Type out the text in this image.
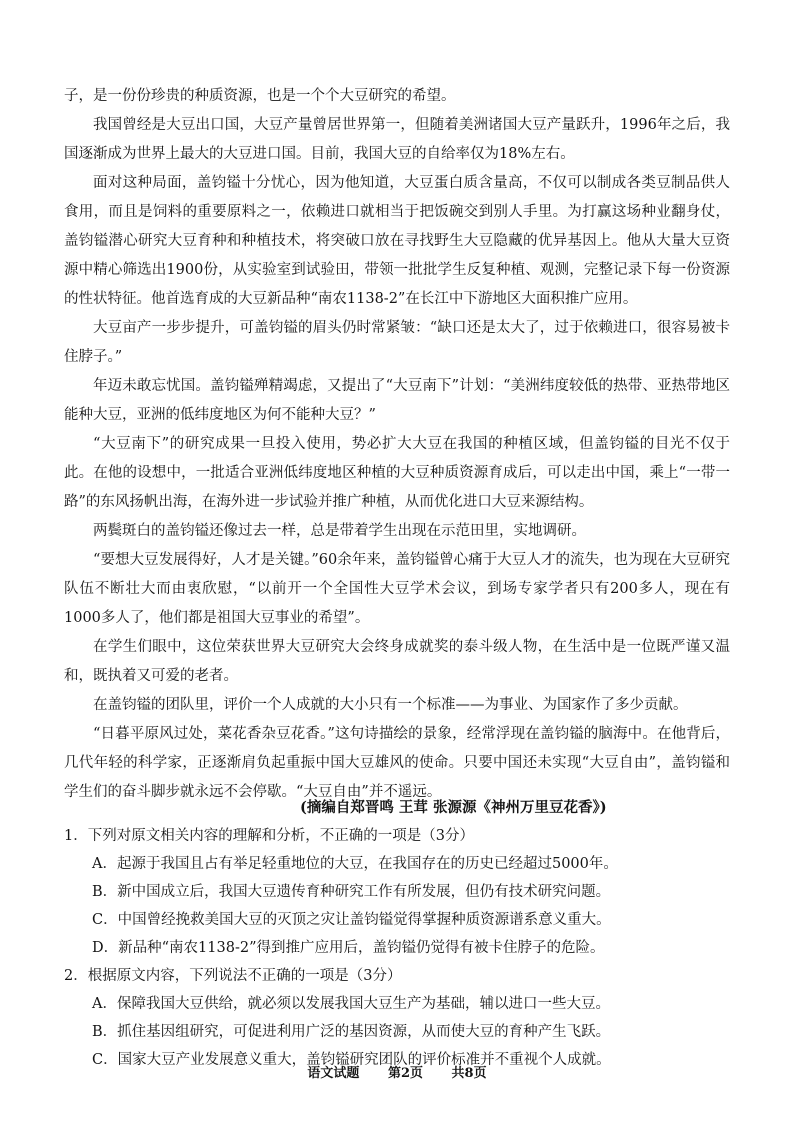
子，是一份份珍贵的种质资源，也是一个个大豆研究的希望。

我国曾经是大豆出口国，大豆产量曾居世界第一，但随着美洲诸国大豆产量跃升，1996年之后，我国逐渐成为世界上最大的大豆进口国。目前，我国大豆的自给率仅为18%左右。

面对这种局面，盖钧镒十分忧心，因为他知道，大豆蛋白质含量高，不仅可以制成各类豆制品供人食用，而且是饲料的重要原料之一，依赖进口就相当于把饭碗交到别人手里。为打赢这场种业翻身仗，盖钧镒潜心研究大豆育种和种植技术，将突破口放在寻找野生大豆隐藏的优异基因上。他从大量大豆资源中精心筛选出1900份，从实验室到试验田，带领一批批学生反复种植、观测，完整记录下每一份资源的性状特征。他首选育成的大豆新品种“南农1138-2”在长江中下游地区大面积推广应用。

大豆亩产一步步提升，可盖钧镒的眉头仍时常紧皱：“缺口还是太大了，过于依赖进口，很容易被卡住脖子。”

年迈未敢忘忧国。盖钧镒殚精竭虑，又提出了“大豆南下”计划：“美洲纬度较低的热带、亚热带地区能种大豆，亚洲的低纬度地区为何不能种大豆？”

“大豆南下”的研究成果一旦投入使用，势必扩大大豆在我国的种植区域，但盖钧镒的目光不仅于此。在他的设想中，一批适合亚洲低纬度地区种植的大豆种质资源育成后，可以走出中国，乘上“一带一路”的东风扬帆出海，在海外进一步试验并推广种植，从而优化进口大豆来源结构。

两鬓斑白的盖钧镒还像过去一样，总是带着学生出现在示范田里，实地调研。

“要想大豆发展得好，人才是关键。”60余年来，盖钧镒曾心痛于大豆人才的流失，也为现在大豆研究队伍不断壮大而由衷欣慰，“以前开一个全国性大豆学术会议，到场专家学者只有200多人，现在有1000多人了，他们都是祖国大豆事业的希望”。

在学生们眼中，这位荣获世界大豆研究大会终身成就奖的泰斗级人物，在生活中是一位既严谨又温和，既执着又可爱的老者。

在盖钧镒的团队里，评价一个人成就的大小只有一个标准——为事业、为国家作了多少贡献。

“日暮平原风过处，菜花香杂豆花香。”这句诗描绘的景象，经常浮现在盖钧镒的脑海中。在他背后，几代年轻的科学家，正逐渐肩负起重振中国大豆雄风的使命。只要中国还未实现“大豆自由”，盖钧镒和学生们的奋斗脚步就永远不会停歇。“大豆自由”并不遥远。

(摘编自郑晋鸣 王茸 张源源《神州万里豆花香》)

1．下列对原文相关内容的理解和分析，不正确的一项是（3分）

A．起源于我国且占有举足轻重地位的大豆，在我国存在的历史已经超过5000年。

B．新中国成立后，我国大豆遗传育种研究工作有所发展，但仍有技术研究问题。

C．中国曾经挽救美国大豆的灭顶之灾让盖钧镒觉得掌握种质资源谱系意义重大。

D．新品种“南农1138-2”得到推广应用后，盖钧镒仍觉得有被卡住脖子的危险。

2．根据原文内容，下列说法不正确的一项是（3分）

A．保障我国大豆供给，就必须以发展我国大豆生产为基础，辅以进口一些大豆。

B．抓住基因组研究，可促进利用广泛的基因资源，从而使大豆的育种产生飞跃。

C．国家大豆产业发展意义重大，盖钧镒研究团队的评价标准并不重视个人成就。

语文试题 第2页 共8页
